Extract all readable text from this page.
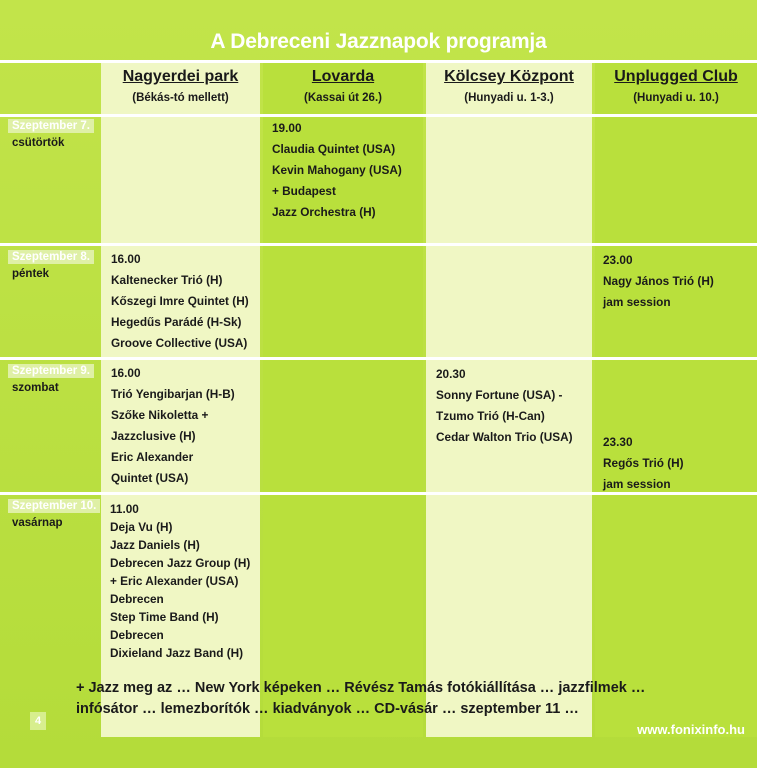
A Debreceni Jazznapok programja
Nagyerdei park
(Békás-tó mellett)
Lovarda
(Kassai út 26.)
Kölcsey Központ
(Hunyadi u. 1-3.)
Unplugged Club
(Hunyadi u. 10.)
Szeptember 7.
csütörtök
Szeptember 8.
péntek
Szeptember 9.
szombat
Szeptember 10.
vasárnap
19.00
Claudia Quintet (USA)
Kevin Mahogany (USA)
+ Budapest
Jazz Orchestra (H)
16.00
Kaltenecker Trió (H)
Kőszegi Imre Quintet (H)
Hegedűs Parádé (H-Sk)
Groove Collective (USA)
23.00
Nagy János Trió (H)
jam session
16.00
Trió Yengibarjan (H-B)
Szőke Nikoletta +
Jazzclusive (H)
Eric Alexander
Quintet (USA)
20.30
Sonny Fortune (USA) -
Tzumo Trió (H-Can)
Cedar Walton Trio (USA)	23.30
Regős Trió (H)
jam session
11.00
Deja Vu (H)
Jazz Daniels (H)
Debrecen Jazz Group (H)
+ Eric Alexander (USA)
Debrecen
Step Time Band (H)
Debrecen
Dixieland Jazz Band (H)
+ Jazz meg az … New York képeken … Révész Tamás fotókiállítása … jazzfilmek …
infósátor … lemezborítók … kiadványok … CD-vásár … szeptember 11 …
4
www.fonixinfo.hu
